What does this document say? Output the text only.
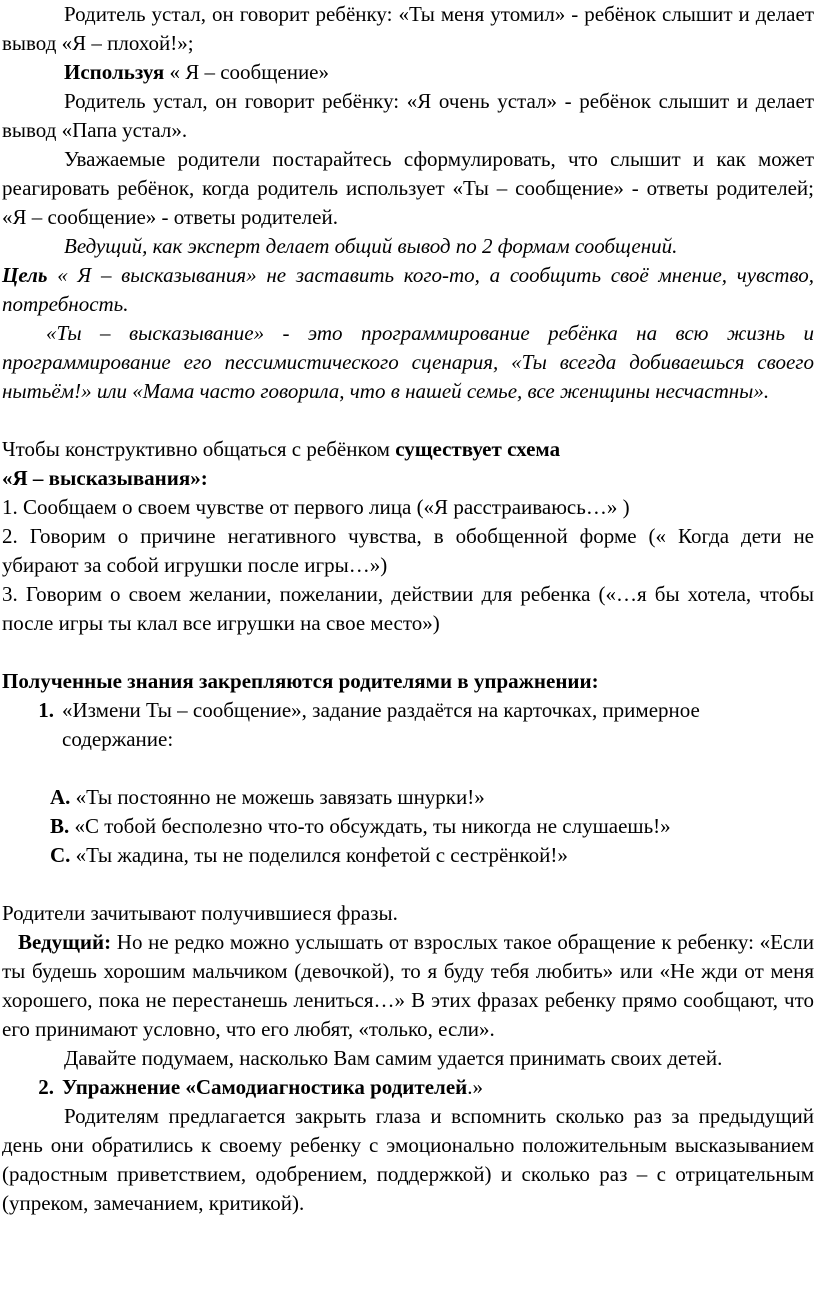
Родитель устал, он говорит ребёнку: «Ты меня утомил» - ребёнок слышит и делает вывод «Я – плохой!»;

Используя « Я – сообщение»

Родитель устал, он говорит ребёнку: «Я очень устал» - ребёнок слышит и делает вывод «Папа устал».

Уважаемые родители постарайтесь сформулировать, что слышит и как может реагировать ребёнок, когда родитель использует «Ты – сообщение» - ответы родителей; «Я – сообщение» - ответы родителей.

Ведущий, как эксперт делает общий вывод по 2 формам сообщений.

Цель « Я – высказывания» не заставить кого-то, а сообщить своё мнение, чувство, потребность.

«Ты – высказывание» - это программирование ребёнка на всю жизнь и программирование его пессимистического сценария, «Ты всегда добиваешься своего нытьём!» или «Мама часто говорила, что в нашей семье, все женщины несчастны».

Чтобы конструктивно общаться с ребёнком существует схема

«Я – высказывания»:

1. Сообщаем о своем чувстве от первого лица («Я расстраиваюсь…» )

2. Говорим о причине негативного чувства, в обобщенной форме (« Когда дети не убирают за собой игрушки после игры…»)

3. Говорим о своем желании, пожелании, действии для ребенка («…я бы хотела, чтобы после игры ты клал все игрушки на свое место»)

Полученные знания закрепляются родителями в упражнении:

1. «Измени Ты – сообщение», задание раздаётся на карточках, примерное содержание:

А. «Ты постоянно не можешь завязать шнурки!»

В. «С тобой бесполезно что-то обсуждать, ты никогда не слушаешь!»

С. «Ты жадина, ты не поделился конфетой с сестрёнкой!»

Родители зачитывают получившиеся фразы.

Ведущий: Но не редко можно услышать от взрослых такое обращение к ребенку: «Если ты будешь хорошим мальчиком (девочкой), то я буду тебя любить» или «Не жди от меня хорошего, пока не перестанешь лениться…» В этих фразах ребенку прямо сообщают, что его принимают условно, что его любят, «только, если».

Давайте подумаем, насколько Вам самим удается принимать своих детей.

2. Упражнение «Самодиагностика родителей.»

Родителям предлагается закрыть глаза и вспомнить сколько раз за предыдущий день они обратились к своему ребенку с эмоционально положительным высказыванием (радостным приветствием, одобрением, поддержкой) и сколько раз – с отрицательным (упреком, замечанием, критикой).
